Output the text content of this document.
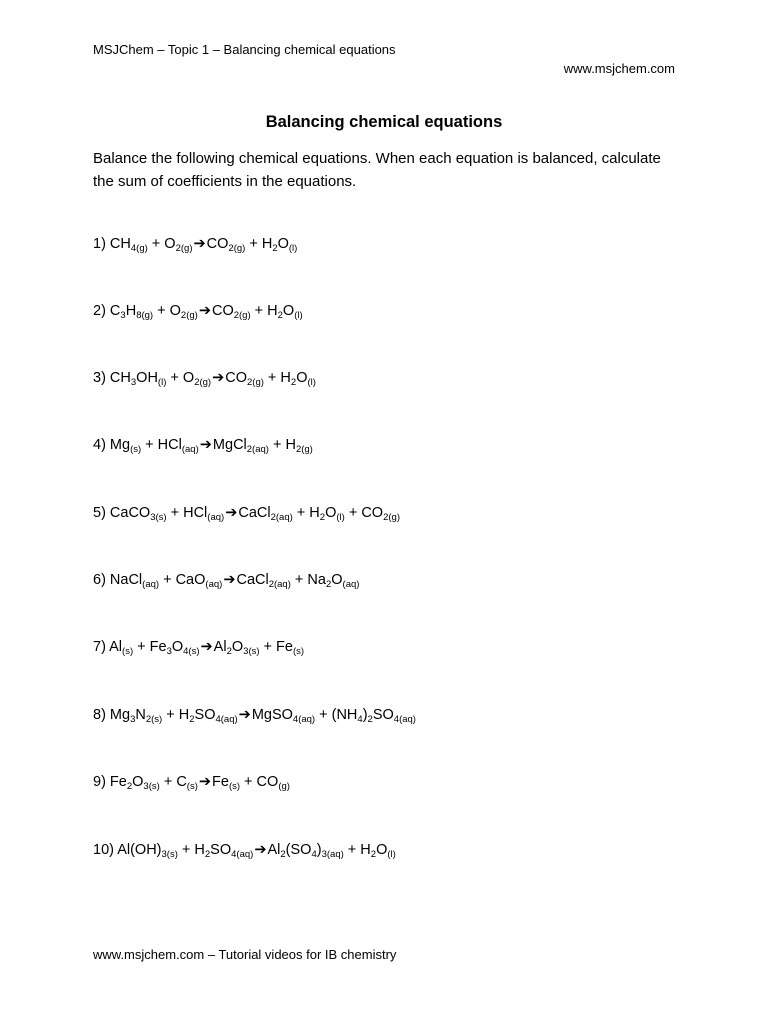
MSJChem – Topic 1 – Balancing chemical equations
www.msjchem.com
Balancing chemical equations
Balance the following chemical equations. When each equation is balanced, calculate the sum of coefficients in the equations.
1) $CH_{4(g)}$ + $O_{2(g)}➔CO_{2(g)} + H_2O_{(l)}$
2) $C_3H_{8(g)}$ + $O_{2(g)}➔CO_{2(g)} + H_2O_{(l)}$
3) $CH_3OH_{(l)}$ + $O_{2(g)}➔CO_{2(g)} + H_2O_{(l)}$
4) $Mg_{(s)}$ + HCl$_{(aq)}$➔MgCl$_{2(aq)}$ + $H_{2(g)}$
5) CaCO$_{3(s)}$ + HCl$_{(aq)}$➔CaCl$_{2(aq)}$ + $H_2O_{(l)} + CO_{2(g)}$
6) NaCl$_{(aq)}$ + CaO$_{(aq)}$➔CaCl$_{2(aq)}$ + $Na_2O_{(aq)}$
7) $Al_{(s)}$ + $Fe_3O_{4(s)}➔Al_2O_{3(s)} + Fe_{(s)}$
8) $Mg_3N_{2(s)}$ + $H_2SO_{4(aq)}➔MgSO_{4(aq)} + (NH_4)_2SO_{4(aq)}$
9) $Fe_2O_{3(s)}$ + $C_{(s)}➔Fe_{(s)} + CO_{(g)}$
10) $Al(OH)_{3(s)}$ + $H_2SO_{4(aq)}➔Al_2(SO_4)_{3(aq)} + H_2O_{(l)}$
www.msjchem.com – Tutorial videos for IB chemistry
